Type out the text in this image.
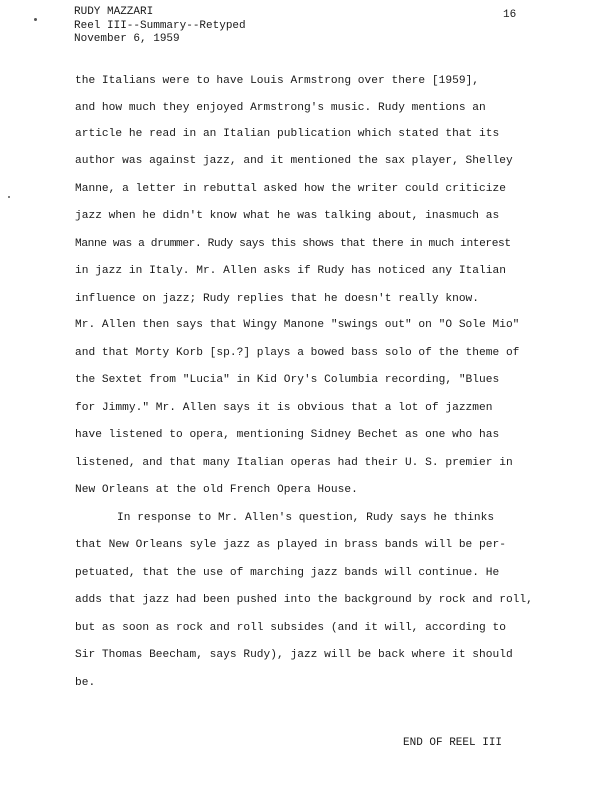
RUDY MAZZARI
Reel III--Summary--Retyped
November 6, 1959
16
the Italians were to have Louis Armstrong over there [1959],
and how much they enjoyed Armstrong's music. Rudy mentions an
article he read in an Italian publication which stated that its
author was against jazz, and it mentioned the sax player, Shelley
Manne, a letter in rebuttal asked how the writer could criticize
jazz when he didn't know what he was talking about, inasmuch as
Manne was a drummer. Rudy says this shows that there in much interest
in jazz in Italy. Mr. Allen asks if Rudy has noticed any Italian
influence on jazz; Rudy replies that he doesn't really know.
Mr. Allen then says that Wingy Manone "swings out" on "O Sole Mio"
and that Morty Korb [sp.?] plays a bowed bass solo of the theme of
the Sextet from "Lucia" in Kid Ory's Columbia recording, "Blues
for Jimmy." Mr. Allen says it is obvious that a lot of jazzmen
have listened to opera, mentioning Sidney Bechet as one who has
listened, and that many Italian operas had their U. S. premier in
New Orleans at the old French Opera House.
In response to Mr. Allen's question, Rudy says he thinks
that New Orleans syle jazz as played in brass bands will be per-
petuated, that the use of marching jazz bands will continue. He
adds that jazz had been pushed into the background by rock and roll,
but as soon as rock and roll subsides (and it will, according to
Sir Thomas Beecham, says Rudy), jazz will be back where it should
be.
END OF REEL III
